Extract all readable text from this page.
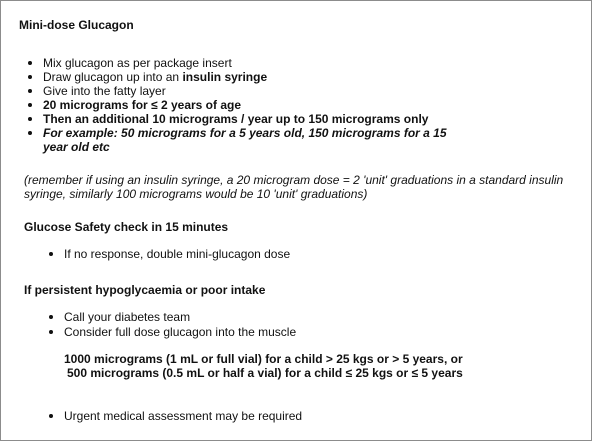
Mini-dose Glucagon
Mix glucagon as per package insert
Draw glucagon up into an insulin syringe
Give into the fatty layer
20 micrograms for ≤ 2 years of age
Then an additional 10 micrograms / year up to 150 micrograms only
For example: 50 micrograms for a 5 years old, 150 micrograms for a 15 year old etc
(remember if using an insulin syringe, a 20 microgram dose = 2 'unit' graduations in a standard insulin syringe, similarly 100 micrograms would be 10 'unit' graduations)
Glucose Safety check in 15 minutes
If no response, double mini-glucagon dose
If persistent hypoglycaemia or poor intake
Call your diabetes team
Consider full dose glucagon into the muscle
1000 micrograms (1 mL or full vial) for a child > 25 kgs or > 5 years, or
500 micrograms (0.5 mL or half a vial) for a child ≤ 25 kgs or ≤ 5 years
Urgent medical assessment may be required
